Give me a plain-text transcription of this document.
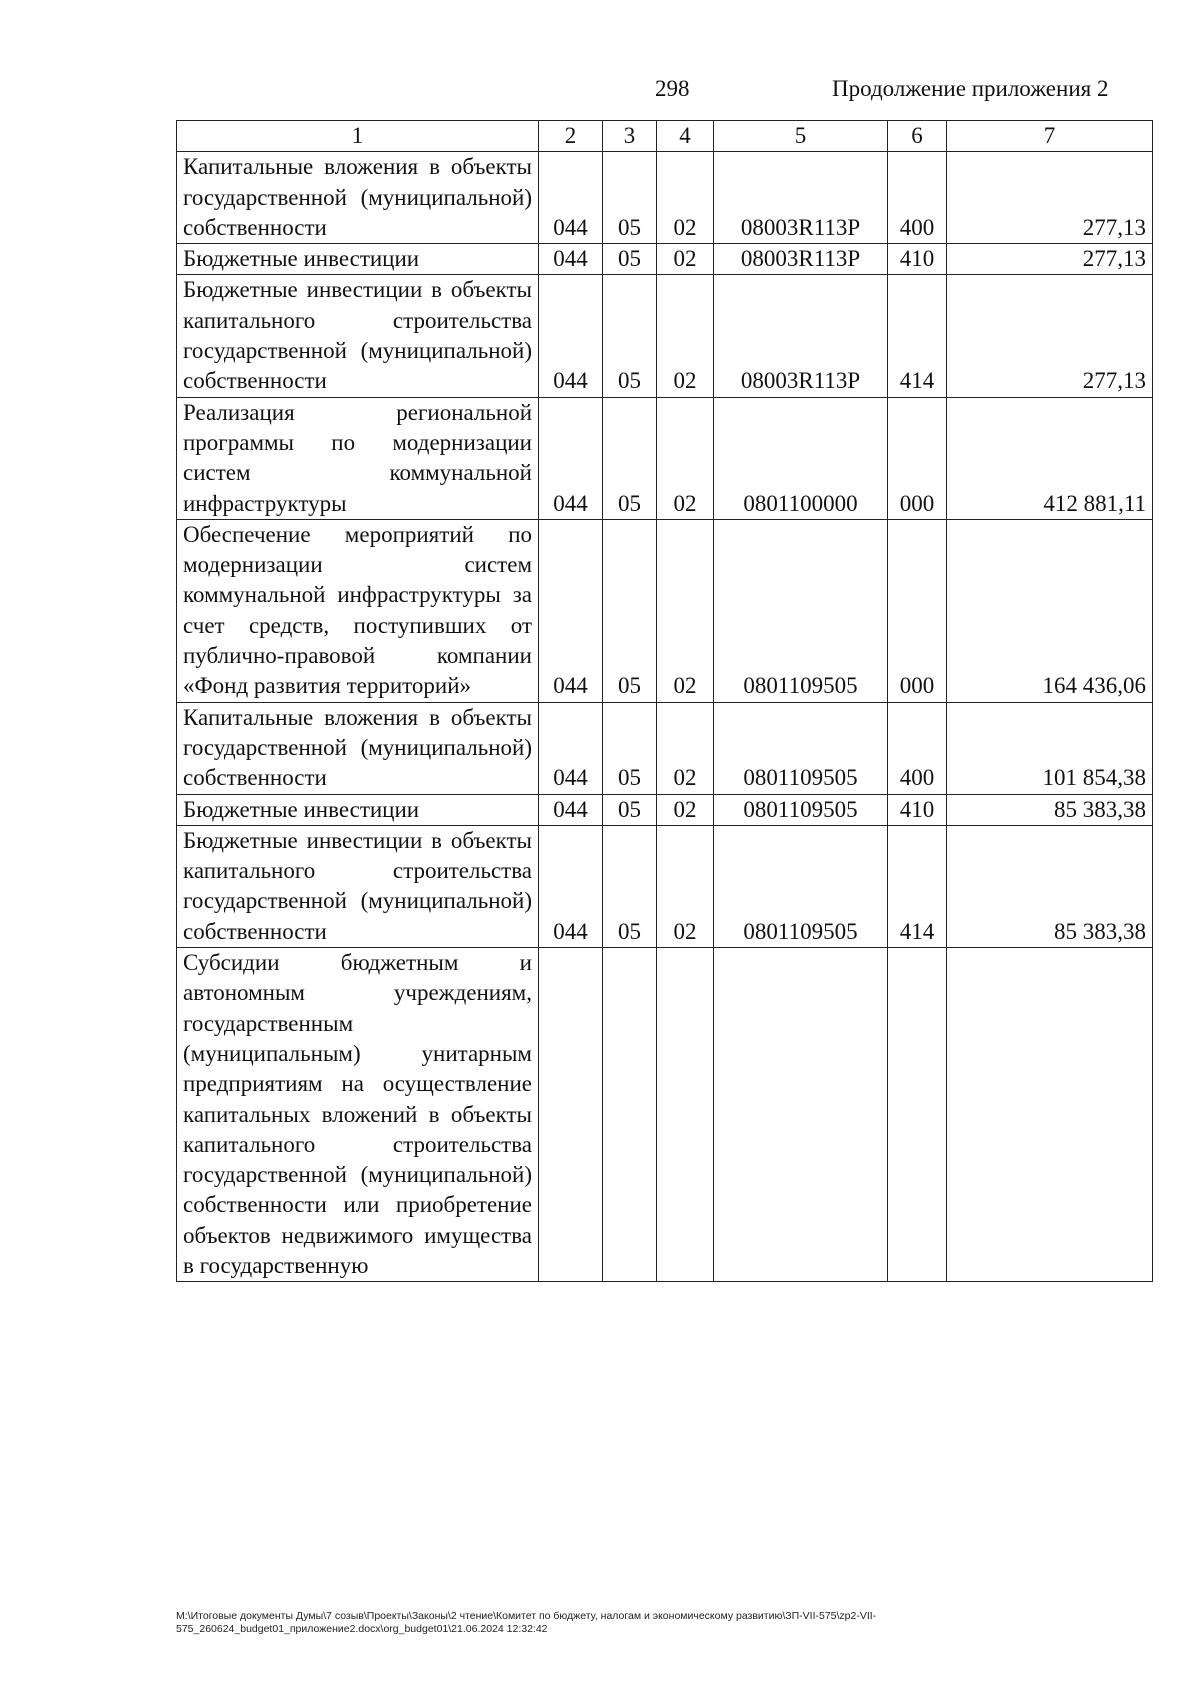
298	Продолжение приложения 2
1	2	3	4	5	6	7
Капитальные вложения в объекты государственной (муниципальной) собственности	044	05	02	08003R113P	400	277,13
Бюджетные инвестиции	044	05	02	08003R113P	410	277,13
Бюджетные инвестиции в объекты капитального строительства государственной (муниципальной) собственности	044	05	02	08003R113P	414	277,13
Реализация региональной программы по модернизации систем коммунальной инфраструктуры	044	05	02	0801100000	000	412 881,11
Обеспечение мероприятий по модернизации систем коммунальной инфраструктуры за счет средств, поступивших от публично-правовой компании «Фонд развития территорий»	044	05	02	0801109505	000	164 436,06
Капитальные вложения в объекты государственной (муниципальной) собственности	044	05	02	0801109505	400	101 854,38
Бюджетные инвестиции	044	05	02	0801109505	410	85 383,38
Бюджетные инвестиции в объекты капитального строительства государственной (муниципальной) собственности	044	05	02	0801109505	414	85 383,38
Субсидии бюджетным и автономным учреждениям, государственным (муниципальным) унитарным предприятиям на осуществление капитальных вложений в объекты капитального строительства государственной (муниципальной) собственности или приобретение объектов недвижимого имущества в государственную						
М:\Итоговые документы Думы\7 созыв\Проекты\Законы\2 чтение\Комитет по бюджету, налогам и экономическому развитию\ЗП-VII-575\zp2-VII-575_260624_budget01_приложение2.docx\org_budget01\21.06.2024 12:32:42
